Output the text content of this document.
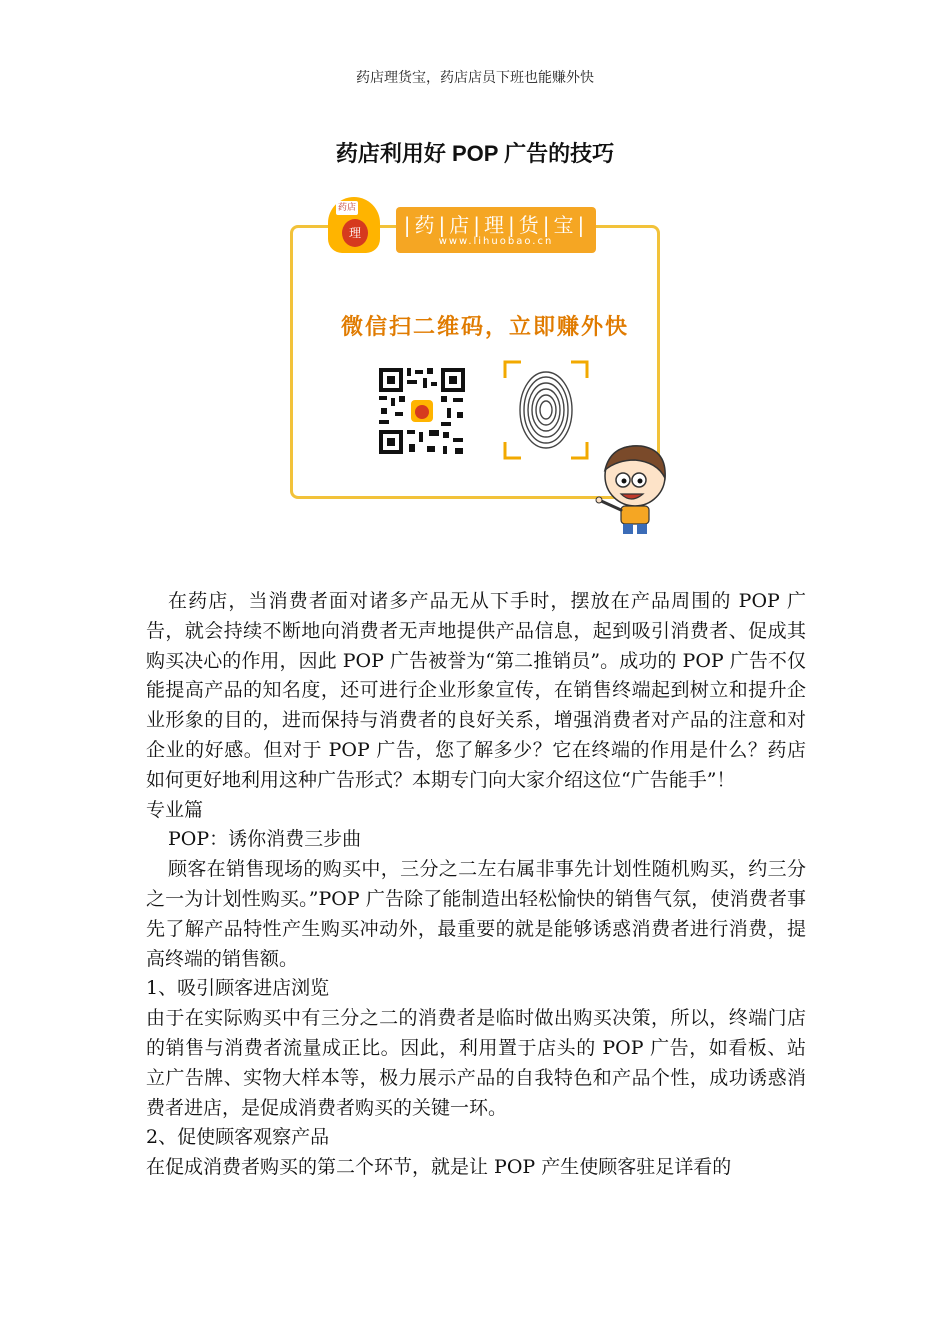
药店理货宝，药店店员下班也能赚外快
药店利用好 POP 广告的技巧
微信扫二维码，立即赚外快
药店
理	|药|店|理|货|宝|
www.lihuobao.cn

在药店，当消费者面对诸多产品无从下手时，摆放在产品周围的 POP 广告，就会持续不断地向消费者无声地提供产品信息，起到吸引消费者、促成其购买决心的作用，因此 POP 广告被誉为“第二推销员”。成功的 POP 广告不仅能提高产品的知名度，还可进行企业形象宣传，在销售终端起到树立和提升企业形象的目的，进而保持与消费者的良好关系，增强消费者对产品的注意和对企业的好感。但对于 POP 广告，您了解多少？它在终端的作用是什么？药店如何更好地利用这种广告形式？本期专门向大家介绍这位“广告能手”！

专业篇

POP：诱你消费三步曲

顾客在销售现场的购买中，三分之二左右属非事先计划性随机购买，约三分之一为计划性购买。”POP 广告除了能制造出轻松愉快的销售气氛，使消费者事先了解产品特性产生购买冲动外，最重要的就是能够诱惑消费者进行消费，提高终端的销售额。

1、吸引顾客进店浏览

由于在实际购买中有三分之二的消费者是临时做出购买决策，所以，终端门店的销售与消费者流量成正比。因此，利用置于店头的 POP 广告，如看板、站立广告牌、实物大样本等，极力展示产品的自我特色和产品个性，成功诱惑消费者进店，是促成消费者购买的关键一环。

2、促使顾客观察产品

在促成消费者购买的第二个环节，就是让 POP 产生使顾客驻足详看的
